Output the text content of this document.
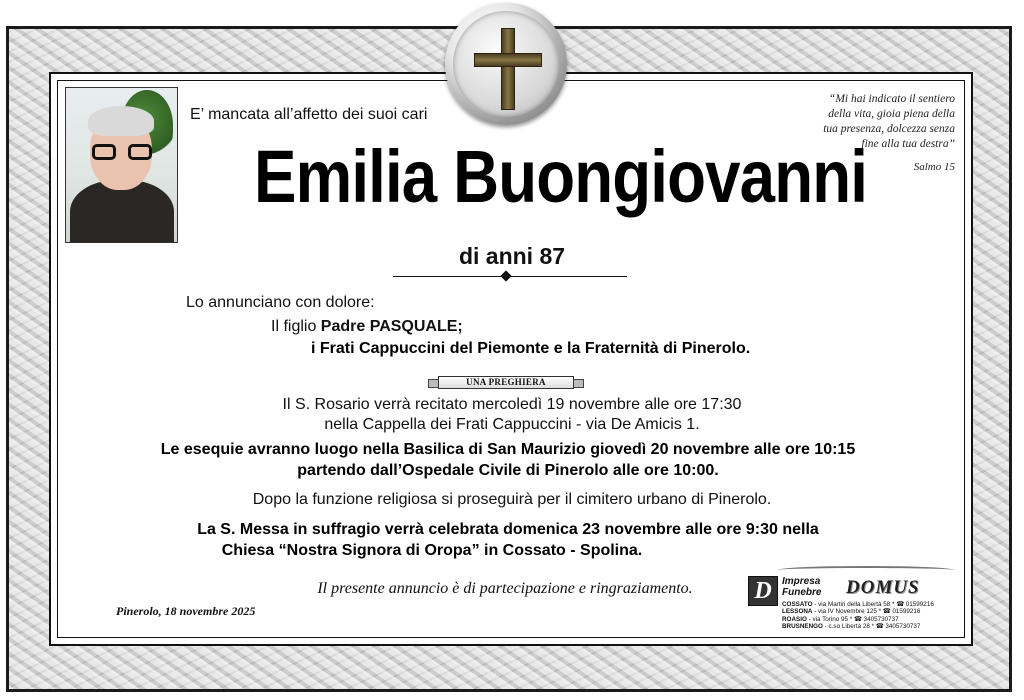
E’ mancata all’affetto dei suoi cari
Emilia Buongiovanni
di anni 87
“Mi hai indicato il sentiero
della vita, gioia piena della
tua presenza, dolcezza senza
fine alla tua destra”
Salmo 15
Lo annunciano con dolore:
Il figlio Padre PASQUALE;
i Frati Cappuccini del Piemonte e la Fraternità di Pinerolo.
UNA PREGHIERA
Il S. Rosario verrà recitato mercoledì 19 novembre alle ore 17:30
nella Cappella dei Frati Cappuccini - via De Amicis 1.
Le esequie avranno luogo nella Basilica di San Maurizio giovedì 20 novembre alle ore 10:15
partendo dall’Ospedale Civile di Pinerolo alle ore 10:00.
Dopo la funzione religiosa si proseguirà per il cimitero urbano di Pinerolo.
La S. Messa in suffragio verrà celebrata domenica 23 novembre alle ore 9:30 nella
Chiesa “Nostra Signora di Oropa” in Cossato - Spolina.
Il presente annuncio è di partecipazione e ringraziamento.
Pinerolo, 18 novembre 2025
D	Impresa
Funebre DOMUS
COSSATO - via Martiri della Libertà 58 * ☎ 01599216
LESSONA - via IV Novembre 125 * ☎ 01599216
ROASIO - via Torino 95 * ☎ 3405730737
BRUSNENGO - c.so Libertà 28 * ☎ 3405730737
